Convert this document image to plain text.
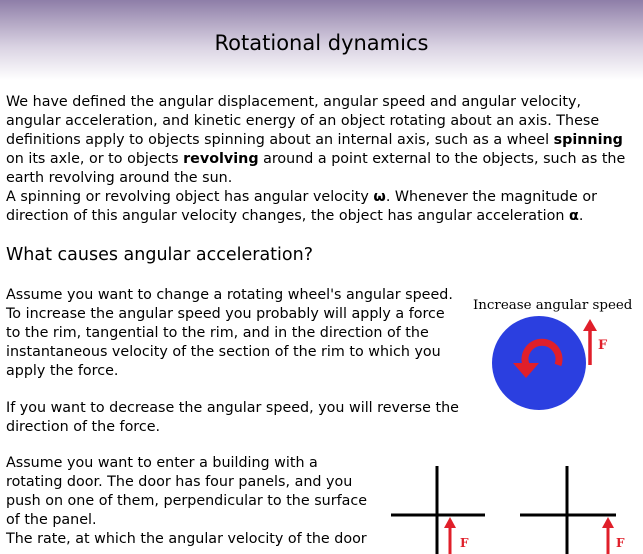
Rotational dynamics

We have defined the angular displacement, angular speed and angular velocity,

angular acceleration, and kinetic energy of an object rotating about an axis. These

definitions apply to objects spinning about an internal axis, such as a wheel spinning

on its axle, or to objects revolving around a point external to the objects, such as the

earth revolving around the sun.

A spinning or revolving object has angular velocity ω. Whenever the magnitude or

direction of this angular velocity changes, the object has angular acceleration α.

What causes angular acceleration?

Assume you want to change a rotating wheel's angular speed.

To increase the angular speed you probably will apply a force

to the rim, tangential to the rim, and in the direction of the

instantaneous velocity of the section of the rim to which you

apply the force.

If you want to decrease the angular speed, you will reverse the

direction of the force.

Assume you want to enter a building with a

rotating door. The door has four panels, and you

push on one of them, perpendicular to the surface

of the panel.

The rate, at which the angular velocity of the door

Increase angular speed
F
F	F
